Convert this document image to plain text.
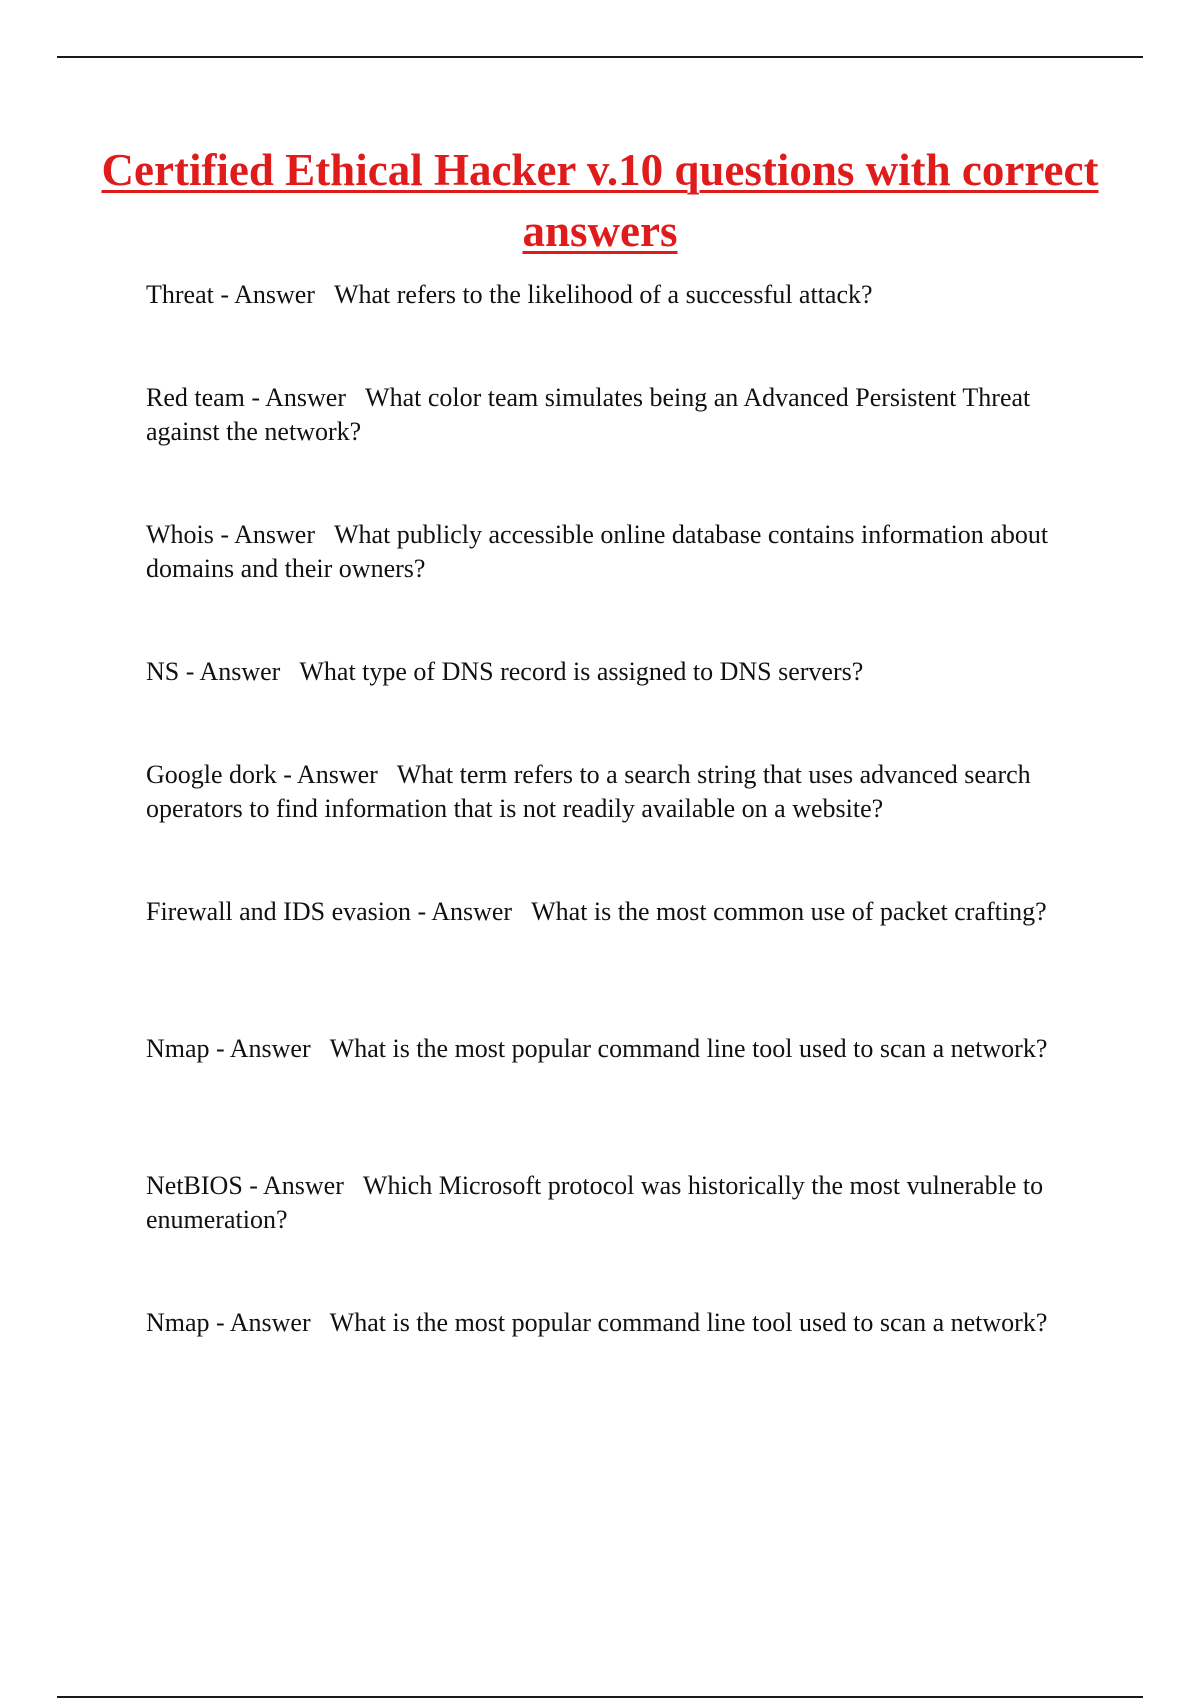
Certified Ethical Hacker v.10 questions with correct answers
Threat - Answer   What refers to the likelihood of a successful attack?
Red team - Answer   What color team simulates being an Advanced Persistent Threat against the network?
Whois - Answer   What publicly accessible online database contains information about domains and their owners?
NS - Answer   What type of DNS record is assigned to DNS servers?
Google dork - Answer   What term refers to a search string that uses advanced search operators to find information that is not readily available on a website?
Firewall and IDS evasion - Answer   What is the most common use of packet crafting?
Nmap - Answer   What is the most popular command line tool used to scan a network?
NetBIOS - Answer   Which Microsoft protocol was historically the most vulnerable to enumeration?
Nmap - Answer   What is the most popular command line tool used to scan a network?
